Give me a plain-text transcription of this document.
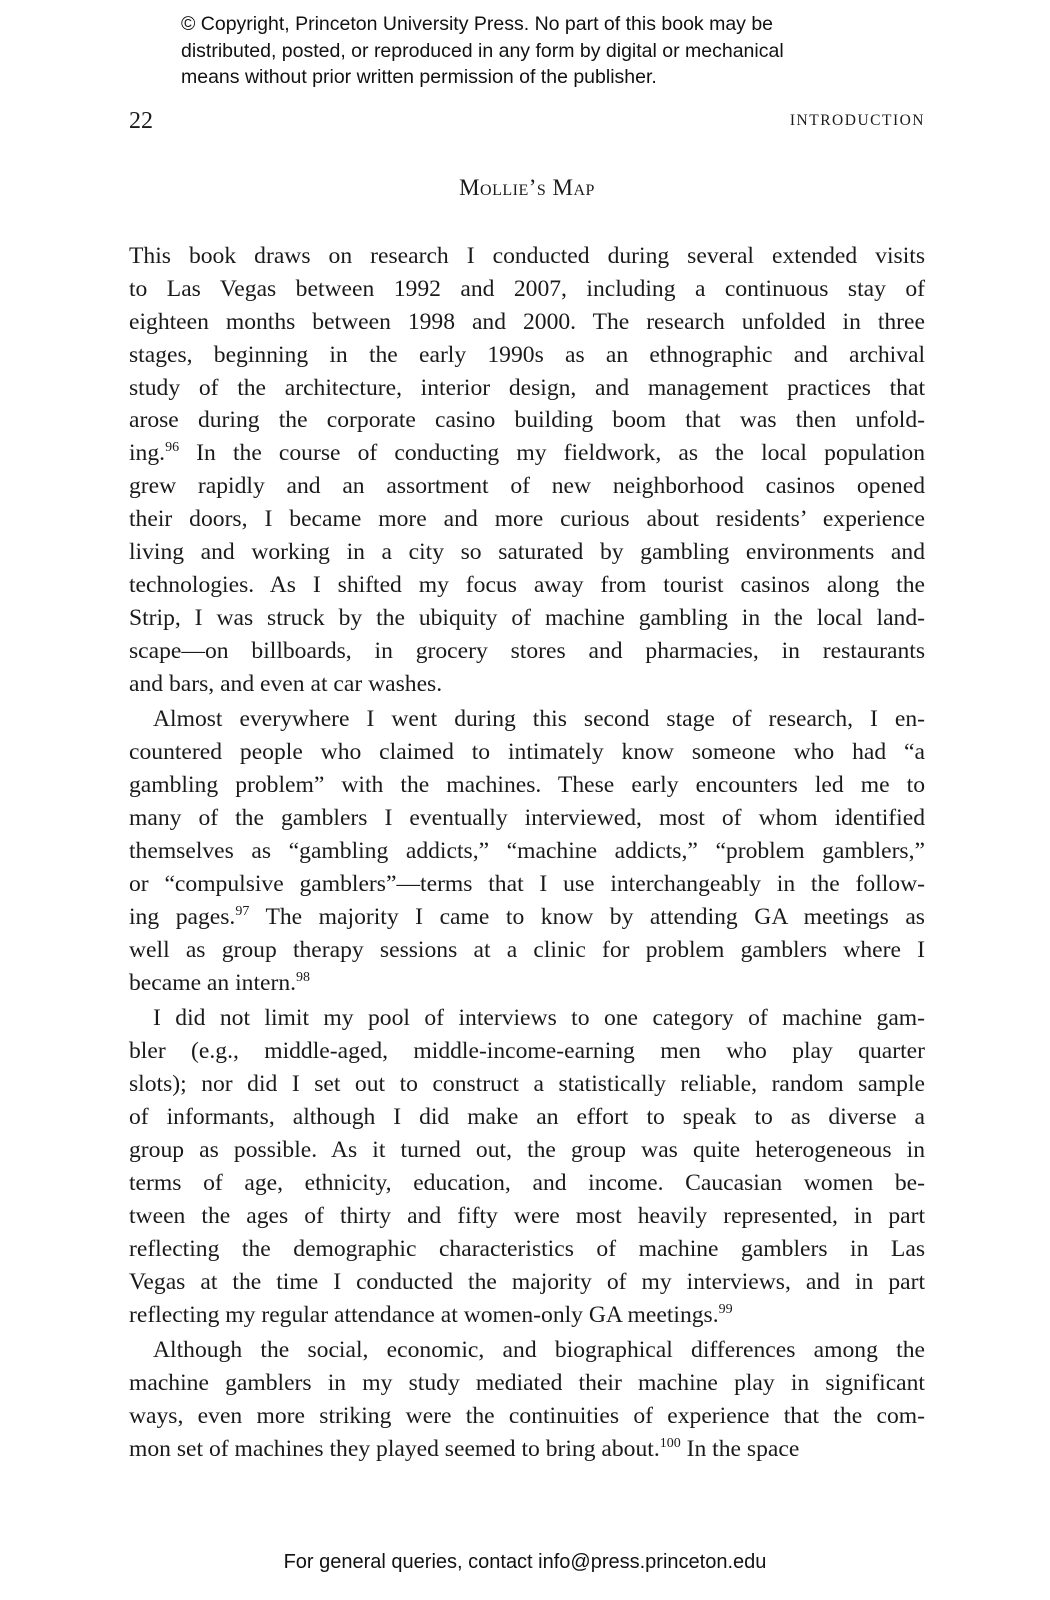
© Copyright, Princeton University Press. No part of this book may be
distributed, posted, or reproduced in any form by digital or mechanical
means without prior written permission of the publisher.
22	INTRODUCTION
Mollie’s Map
This book draws on research I conducted during several extended visits
to Las Vegas between 1992 and 2007, including a continuous stay of
eighteen months between 1998 and 2000. The research unfolded in three
stages, beginning in the early 1990s as an ethnographic and archival
study of the architecture, interior design, and management practices that
arose during the corporate casino building boom that was then unfold-
ing.$^{96}$ In the course of conducting my fieldwork, as the local population
grew rapidly and an assortment of new neighborhood casinos opened
their doors, I became more and more curious about residents’ experience
living and working in a city so saturated by gambling environments and
technologies. As I shifted my focus away from tourist casinos along the
Strip, I was struck by the ubiquity of machine gambling in the local land-
scape—on billboards, in grocery stores and pharmacies, in restaurants
and bars, and even at car washes.
Almost everywhere I went during this second stage of research, I en-
countered people who claimed to intimately know someone who had “a
gambling problem” with the machines. These early encounters led me to
many of the gamblers I eventually interviewed, most of whom identified
themselves as “gambling addicts,” “machine addicts,” “problem gamblers,”
or “compulsive gamblers”—terms that I use interchangeably in the follow-
ing pages.$^{97}$ The majority I came to know by attending GA meetings as
well as group therapy sessions at a clinic for problem gamblers where I
became an intern.$^{98}$
I did not limit my pool of interviews to one category of machine gam-
bler (e.g., middle-aged, middle-income-earning men who play quarter
slots); nor did I set out to construct a statistically reliable, random sample
of informants, although I did make an effort to speak to as diverse a
group as possible. As it turned out, the group was quite heterogeneous in
terms of age, ethnicity, education, and income. Caucasian women be-
tween the ages of thirty and fifty were most heavily represented, in part
reflecting the demographic characteristics of machine gamblers in Las
Vegas at the time I conducted the majority of my interviews, and in part
reflecting my regular attendance at women-only GA meetings.$^{99}$
Although the social, economic, and biographical differences among the
machine gamblers in my study mediated their machine play in significant
ways, even more striking were the continuities of experience that the com-
mon set of machines they played seemed to bring about.$^{100}$ In the space
For general queries, contact info@press.princeton.edu
